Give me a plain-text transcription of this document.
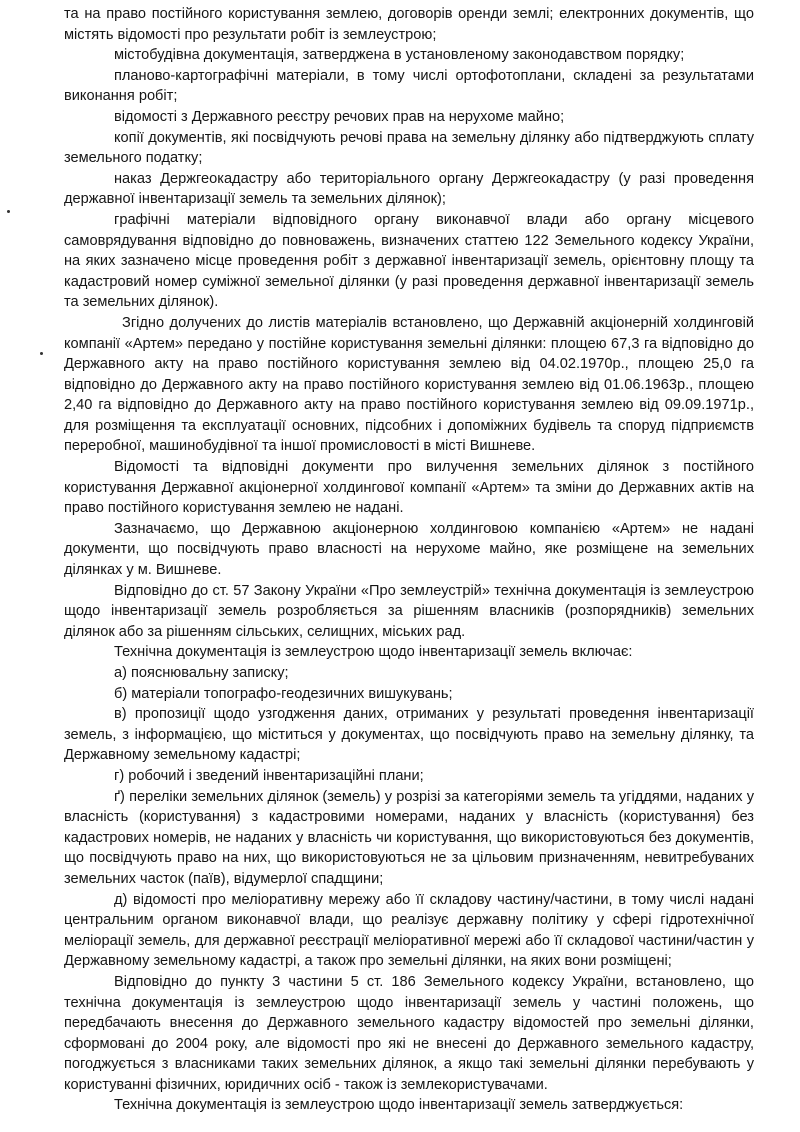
та на право постійного користування землею, договорів оренди землі; електронних документів, що містять відомості про результати робіт із землеустрою;

містобудівна документація, затверджена в установленому законодавством порядку;

планово-картографічні матеріали, в тому числі ортофотоплани, складені за результатами виконання робіт;

відомості з Державного реєстру речових прав на нерухоме майно;

копії документів, які посвідчують речові права на земельну ділянку або підтверджують сплату земельного податку;

наказ Держгеокадастру або територіального органу Держгеокадастру (у разі проведення державної інвентаризації земель та земельних ділянок);

графічні матеріали відповідного органу виконавчої влади або органу місцевого самоврядування відповідно до повноважень, визначених статтею 122 Земельного кодексу України, на яких зазначено місце проведення робіт з державної інвентаризації земель, орієнтовну площу та кадастровий номер суміжної земельної ділянки (у разі проведення державної інвентаризації земель та земельних ділянок).

Згідно долучених до листів матеріалів встановлено, що Державній акціонерній холдинговій компанії «Артем» передано у постійне користування земельні ділянки: площею 67,3 га відповідно до Державного акту на право постійного користування землею від 04.02.1970р., площею 25,0 га відповідно до Державного акту на право постійного користування землею від 01.06.1963р., площею 2,40 га відповідно до Державного акту на право постійного користування землею від 09.09.1971р., для розміщення та експлуатації основних, підсобних і допоміжних будівель та споруд підприємств переробної, машинобудівної та іншої промисловості в місті Вишневе.

Відомості та відповідні документи про вилучення земельних ділянок з постійного користування Державної акціонерної холдингової компанії «Артем» та зміни до Державних актів на право постійного користування землею не надані.

Зазначаємо, що Державною акціонерною холдинговою компанією «Артем» не надані документи, що посвідчують право власності на нерухоме майно, яке розміщене на земельних ділянках у м. Вишневе.

Відповідно до ст. 57 Закону України «Про землеустрій» технічна документація із землеустрою щодо інвентаризації земель розробляється за рішенням власників (розпорядників) земельних ділянок або за рішенням сільських, селищних, міських рад.

Технічна документація із землеустрою щодо інвентаризації земель включає:

а) пояснювальну записку;

б) матеріали топографо-геодезичних вишукувань;

в) пропозиції щодо узгодження даних, отриманих у результаті проведення інвентаризації земель, з інформацією, що міститься у документах, що посвідчують право на земельну ділянку, та Державному земельному кадастрі;

г) робочий і зведений інвентаризаційні плани;

ґ) переліки земельних ділянок (земель) у розрізі за категоріями земель та угіддями, наданих у власність (користування) з кадастровими номерами, наданих у власність (користування) без кадастрових номерів, не наданих у власність чи користування, що використовуються без документів, що посвідчують право на них, що використовуються не за цільовим призначенням, невитребуваних земельних часток (паїв), відумерлої спадщини;

д) відомості про меліоративну мережу або її складову частину/частини, в тому числі надані центральним органом виконавчої влади, що реалізує державну політику у сфері гідротехнічної меліорації земель, для державної реєстрації меліоративної мережі або її складової частини/частин у Державному земельному кадастрі, а також про земельні ділянки, на яких вони розміщені;

Відповідно до пункту 3 частини 5 ст. 186 Земельного кодексу України, встановлено, що технічна документація із землеустрою щодо інвентаризації земель у частині положень, що передбачають внесення до Державного земельного кадастру відомостей про земельні ділянки, сформовані до 2004 року, але відомості про які не внесені до Державного земельного кадастру, погоджується з власниками таких земельних ділянок, а якщо такі земельні ділянки перебувають у користуванні фізичних, юридичних осіб - також із землекористувачами.

Технічна документація із землеустрою щодо інвентаризації земель затверджується:
